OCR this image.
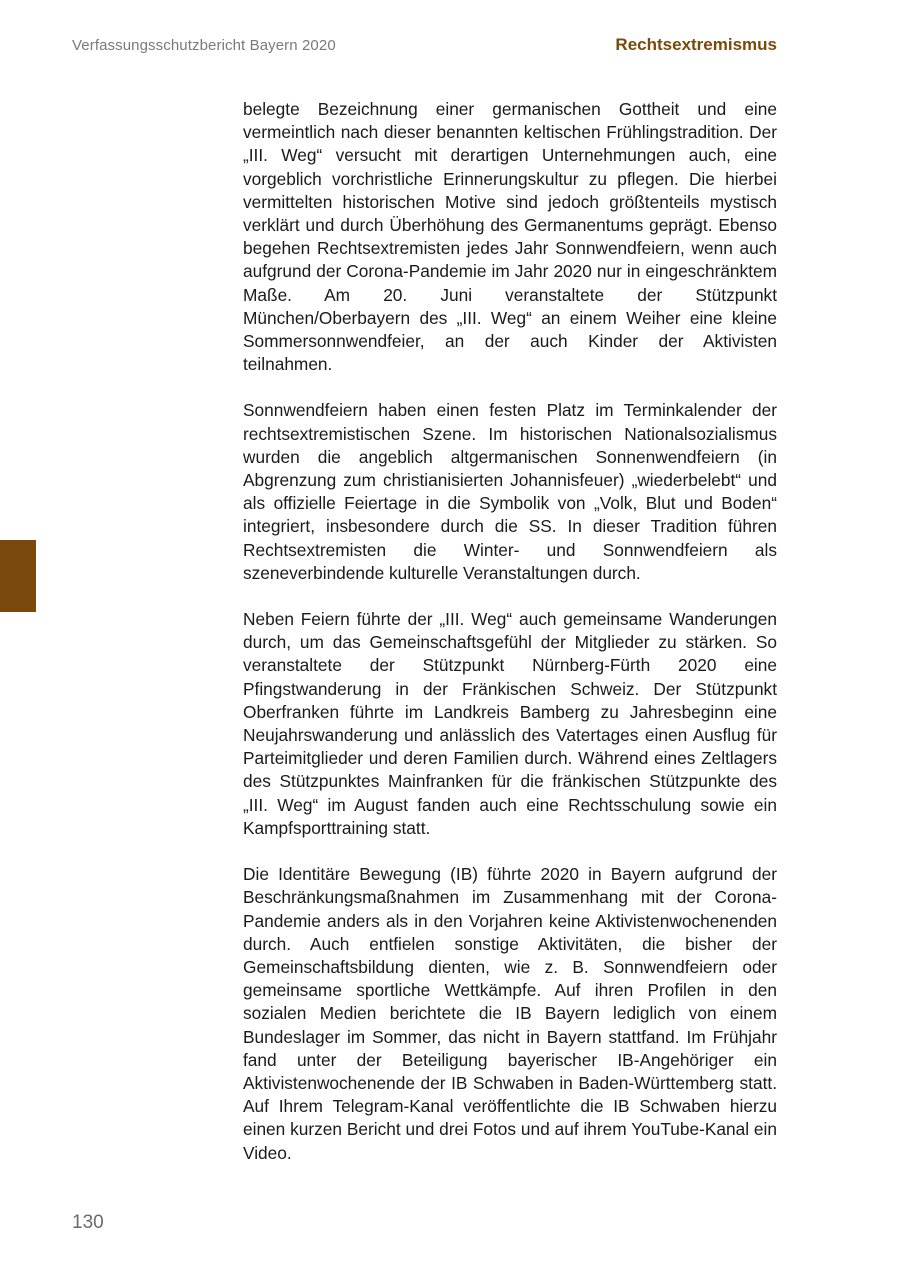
Verfassungsschutzbericht Bayern 2020	Rechtsextremismus

belegte Bezeichnung einer germanischen Gottheit und eine vermeintlich nach dieser benannten keltischen Frühlingstradition. Der „III. Weg“ versucht mit derartigen Unternehmungen auch, eine vorgeblich vorchristliche Erinnerungskultur zu pflegen. Die hierbei vermittelten historischen Motive sind jedoch größtenteils mystisch verklärt und durch Überhöhung des Germanentums geprägt. Ebenso begehen Rechtsextremisten jedes Jahr Sonnwendfeiern, wenn auch aufgrund der Corona-Pandemie im Jahr 2020 nur in eingeschränktem Maße. Am 20. Juni veranstaltete der Stützpunkt München/Oberbayern des „III. Weg“ an einem Weiher eine kleine Sommersonnwendfeier, an der auch Kinder der Aktivisten teilnahmen.

Sonnwendfeiern haben einen festen Platz im Terminkalender der rechtsextremistischen Szene. Im historischen Nationalsozialismus wurden die angeblich altgermanischen Sonnenwendfeiern (in Abgrenzung zum christianisierten Johannisfeuer) „wiederbelebt“ und als offizielle Feiertage in die Symbolik von „Volk, Blut und Boden“ integriert, insbesondere durch die SS. In dieser Tradition führen Rechtsextremisten die Winter- und Sonnwendfeiern als szeneverbindende kulturelle Veranstaltungen durch.

Neben Feiern führte der „III. Weg“ auch gemeinsame Wanderungen durch, um das Gemeinschaftsgefühl der Mitglieder zu stärken. So veranstaltete der Stützpunkt Nürnberg-Fürth 2020 eine Pfingstwanderung in der Fränkischen Schweiz. Der Stützpunkt Oberfranken führte im Landkreis Bamberg zu Jahresbeginn eine Neujahrswanderung und anlässlich des Vatertages einen Ausflug für Parteimitglieder und deren Familien durch. Während eines Zeltlagers des Stützpunktes Mainfranken für die fränkischen Stützpunkte des „III. Weg“ im August fanden auch eine Rechtsschulung sowie ein Kampfsporttraining statt.

Die Identitäre Bewegung (IB) führte 2020 in Bayern aufgrund der Beschränkungsmaßnahmen im Zusammenhang mit der Corona-Pandemie anders als in den Vorjahren keine Aktivistenwochenenden durch. Auch entfielen sonstige Aktivitäten, die bisher der Gemeinschaftsbildung dienten, wie z. B. Sonnwendfeiern oder gemeinsame sportliche Wettkämpfe. Auf ihren Profilen in den sozialen Medien berichtete die IB Bayern lediglich von einem Bundeslager im Sommer, das nicht in Bayern stattfand. Im Frühjahr fand unter der Beteiligung bayerischer IB-Angehöriger ein Aktivistenwochenende der IB Schwaben in Baden-Württemberg statt. Auf Ihrem Telegram-Kanal veröffentlichte die IB Schwaben hierzu einen kurzen Bericht und drei Fotos und auf ihrem YouTube-Kanal ein Video.

130
